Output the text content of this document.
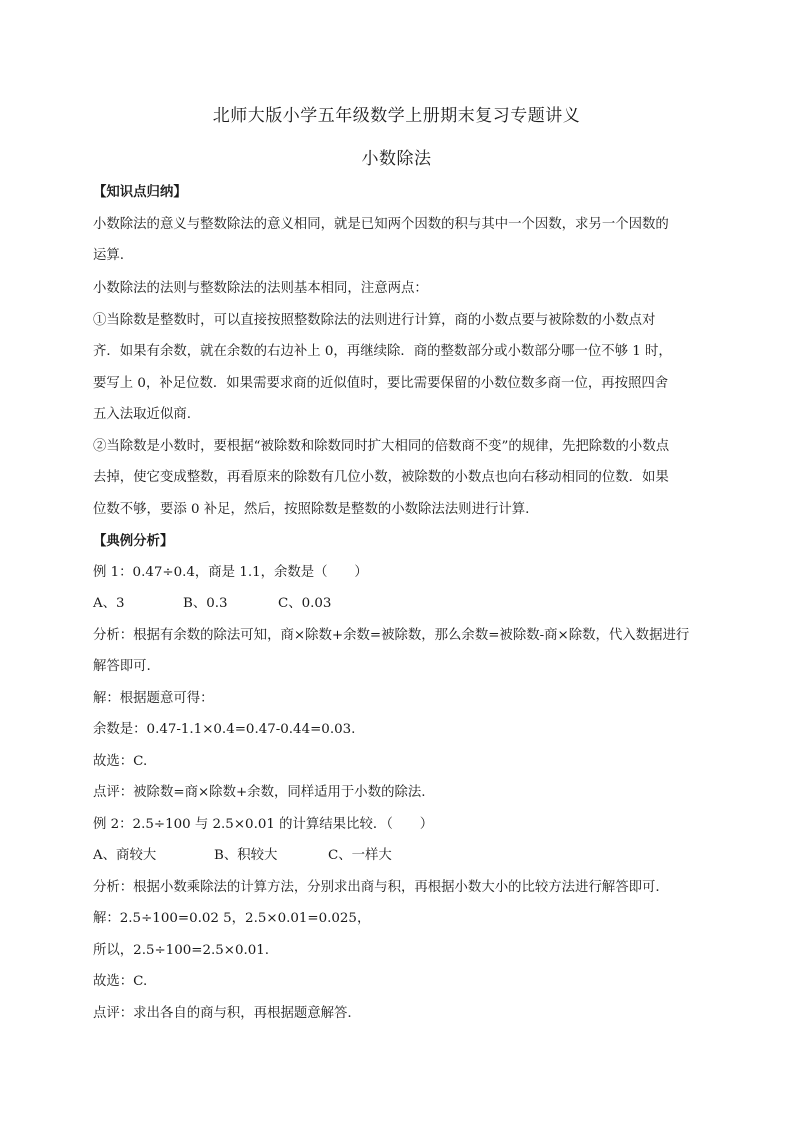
北师大版小学五年级数学上册期末复习专题讲义
小数除法
【知识点归纳】
小数除法的意义与整数除法的意义相同，就是已知两个因数的积与其中一个因数，求另一个因数的
运算.
小数除法的法则与整数除法的法则基本相同，注意两点：
①当除数是整数时，可以直接按照整数除法的法则进行计算，商的小数点要与被除数的小数点对
齐．如果有余数，就在余数的右边补上 0，再继续除．商的整数部分或小数部分哪一位不够 1 时，
要写上 0，补足位数．如果需要求商的近似值时，要比需要保留的小数位数多商一位，再按照四舍
五入法取近似商.
②当除数是小数时，要根据“被除数和除数同时扩大相同的倍数商不变”的规律，先把除数的小数点
去掉，使它变成整数，再看原来的除数有几位小数，被除数的小数点也向右移动相同的位数．如果
位数不够，要添 0 补足，然后，按照除数是整数的小数除法法则进行计算.
【典例分析】
例 1：0.47÷0.4，商是 1.1，余数是（　　）
A、3	B、0.3	C、0.03
分析：根据有余数的除法可知，商×除数+余数=被除数，那么余数=被除数-商×除数，代入数据进行
解答即可.
解：根据题意可得：
余数是：0.47-1.1×0.4=0.47-0.44=0.03.
故选：C.
点评：被除数=商×除数+余数，同样适用于小数的除法.
例 2：2.5÷100 与 2.5×0.01 的计算结果比较．（　　）
A、商较大	B、积较大	C、一样大
分析：根据小数乘除法的计算方法，分别求出商与积，再根据小数大小的比较方法进行解答即可.
解：2.5÷100=0.02 5，2.5×0.01=0.025，
所以，2.5÷100=2.5×0.01.
故选：C.
点评：求出各自的商与积，再根据题意解答.
